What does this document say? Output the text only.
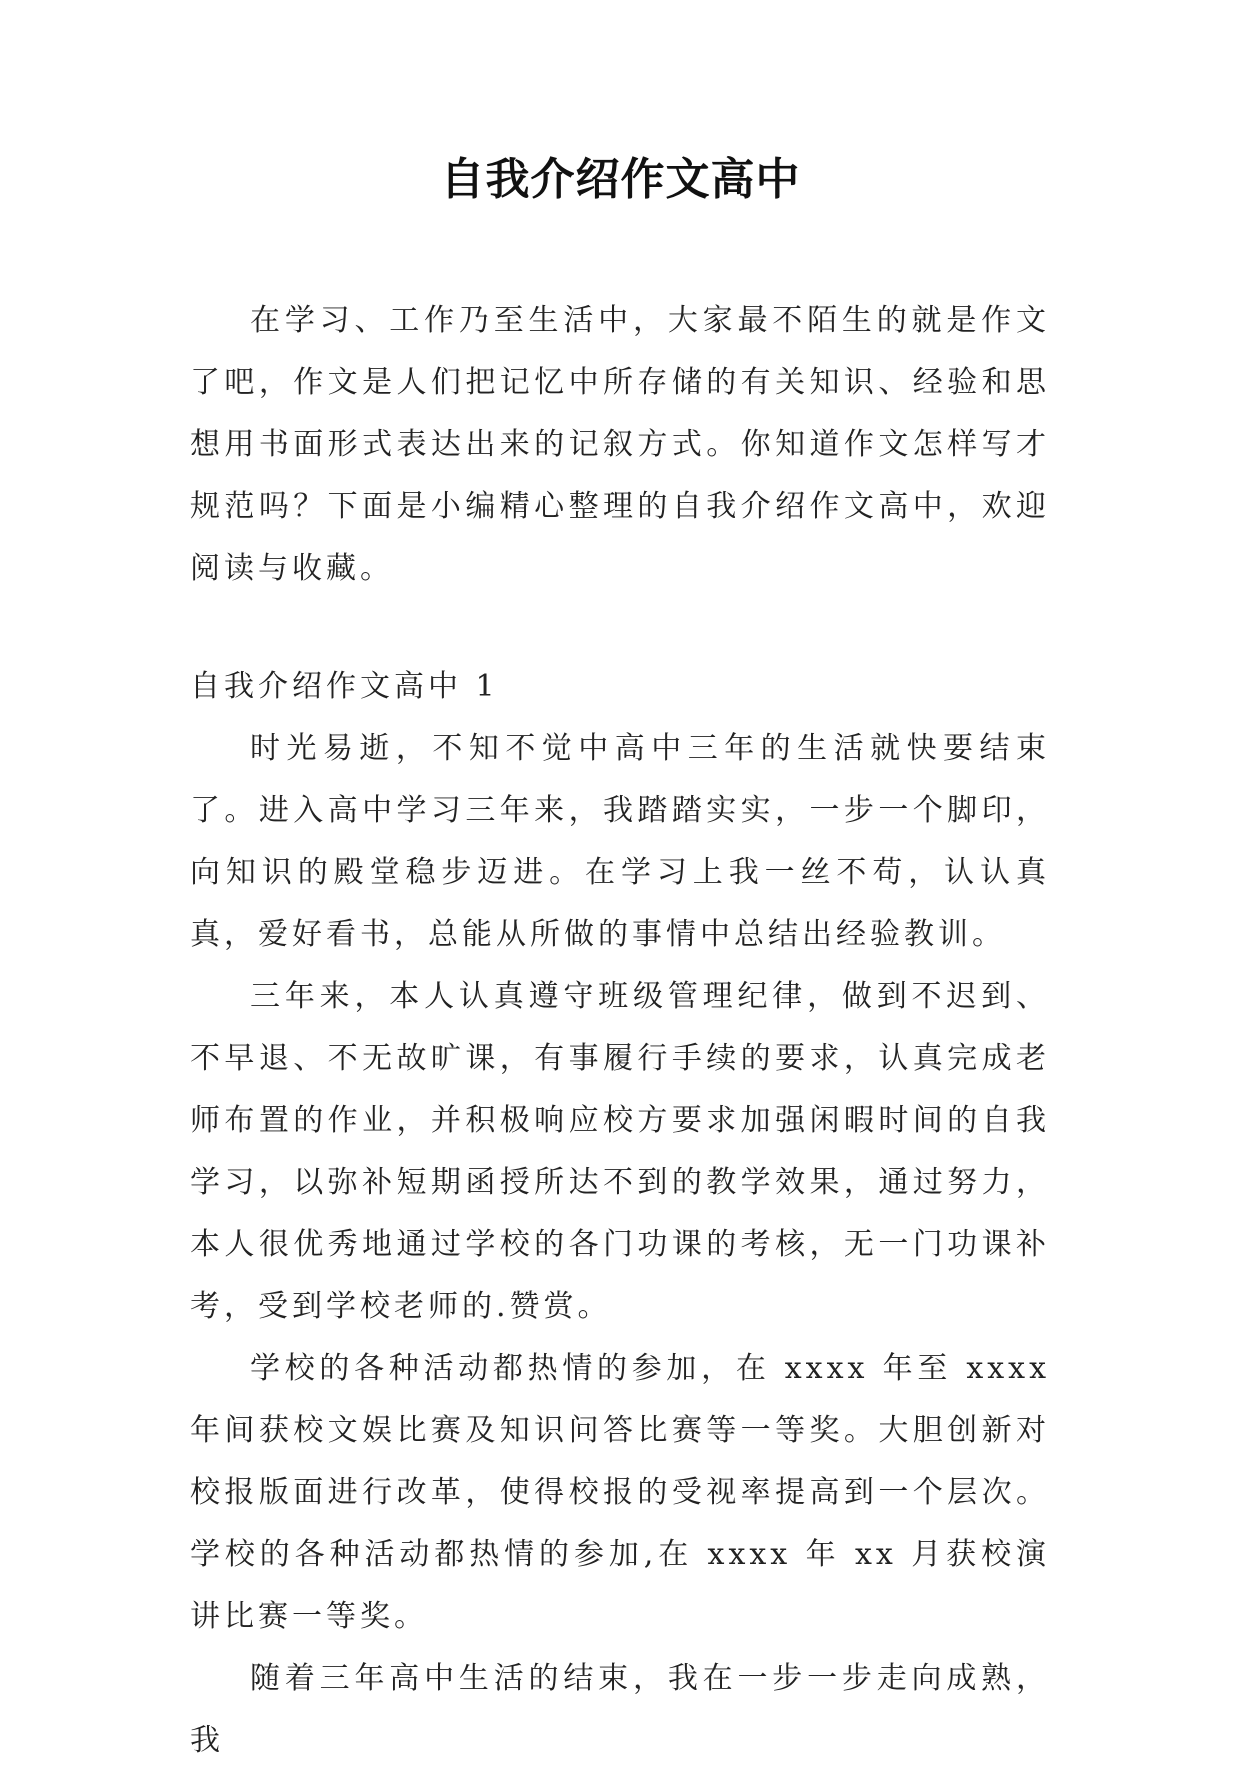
自我介绍作文高中

在学习、工作乃至生活中，大家最不陌生的就是作文了吧，作文是人们把记忆中所存储的有关知识、经验和思想用书面形式表达出来的记叙方式。你知道作文怎样写才规范吗？下面是小编精心整理的自我介绍作文高中，欢迎阅读与收藏。

自我介绍作文高中 1

时光易逝，不知不觉中高中三年的生活就快要结束了。进入高中学习三年来，我踏踏实实，一步一个脚印，向知识的殿堂稳步迈进。在学习上我一丝不苟，认认真真，爱好看书，总能从所做的事情中总结出经验教训。

三年来，本人认真遵守班级管理纪律，做到不迟到、不早退、不无故旷课，有事履行手续的要求，认真完成老师布置的作业，并积极响应校方要求加强闲暇时间的自我学习，以弥补短期函授所达不到的教学效果，通过努力，本人很优秀地通过学校的各门功课的考核，无一门功课补考，受到学校老师的.赞赏。

学校的各种活动都热情的参加，在 xxxx 年至 xxxx 年间获校文娱比赛及知识问答比赛等一等奖。大胆创新对校报版面进行改革，使得校报的受视率提高到一个层次。学校的各种活动都热情的参加,在 xxxx 年 xx 月获校演讲比赛一等奖。

随着三年高中生活的结束，我在一步一步走向成熟，我
